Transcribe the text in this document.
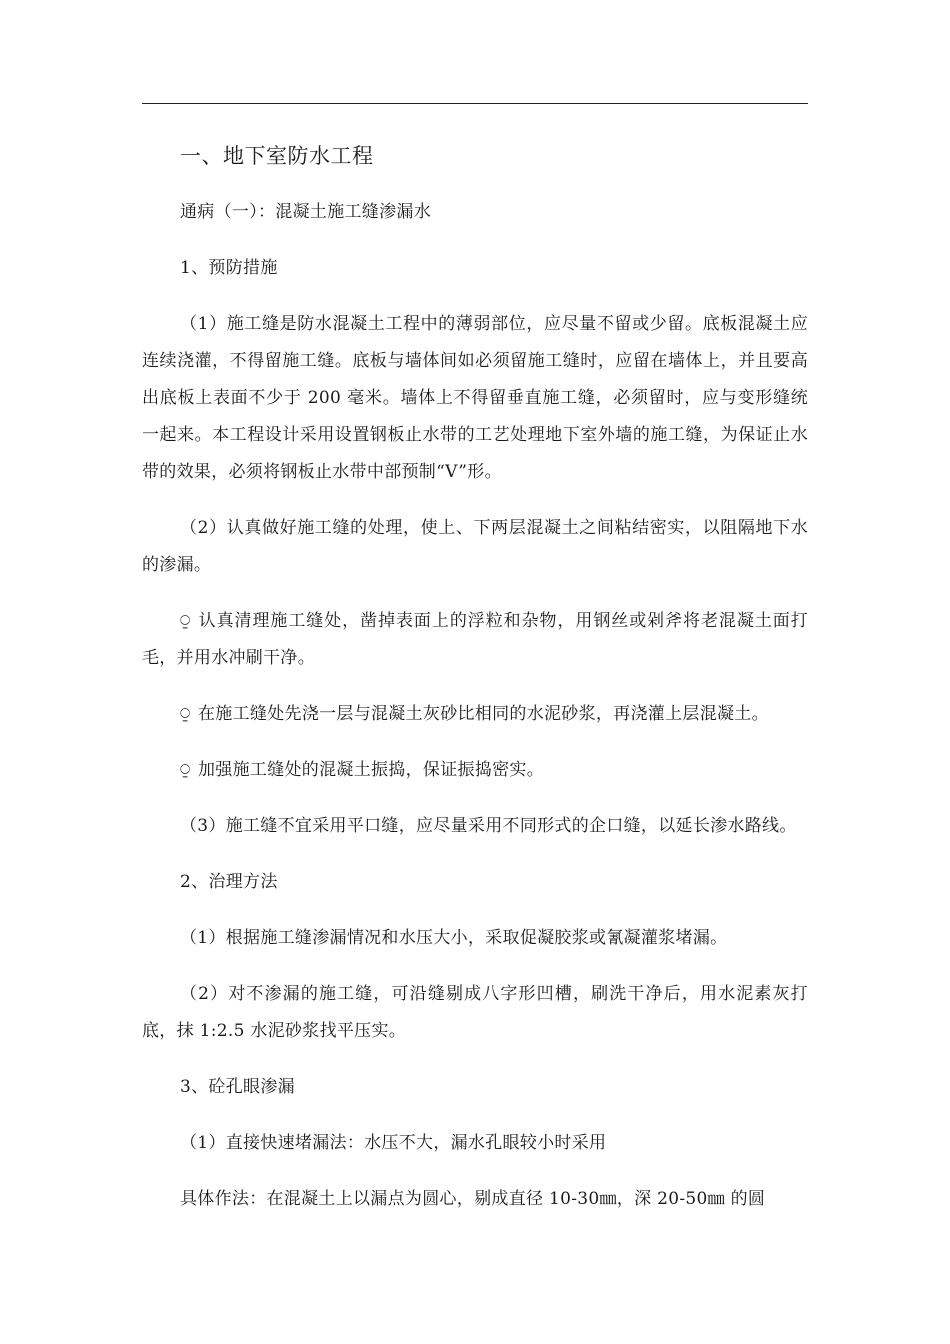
一、地下室防水工程

通病（一）：混凝土施工缝渗漏水

1、预防措施

（1）施工缝是防水混凝土工程中的薄弱部位，应尽量不留或少留。底板混凝土应连续浇灌，不得留施工缝。底板与墙体间如必须留施工缝时，应留在墙体上，并且要高出底板上表面不少于 200 毫米。墙体上不得留垂直施工缝，必须留时，应与变形缝统一起来。本工程设计采用设置钢板止水带的工艺处理地下室外墙的施工缝，为保证止水带的效果，必须将钢板止水带中部预制“V”形。

（2）认真做好施工缝的处理，使上、下两层混凝土之间粘结密实，以阻隔地下水的渗漏。

⍜ 认真清理施工缝处，凿掉表面上的浮粒和杂物，用钢丝或剁斧将老混凝土面打毛，并用水冲刷干净。

⍜ 在施工缝处先浇一层与混凝土灰砂比相同的水泥砂浆，再浇灌上层混凝土。

⍜ 加强施工缝处的混凝土振捣，保证振捣密实。

（3）施工缝不宜采用平口缝，应尽量采用不同形式的企口缝，以延长渗水路线。

2、治理方法

（1）根据施工缝渗漏情况和水压大小，采取促凝胶浆或氰凝灌浆堵漏。

（2）对不渗漏的施工缝，可沿缝剔成八字形凹槽，刷洗干净后，用水泥素灰打底，抹 1:2.5 水泥砂浆找平压实。

3、砼孔眼渗漏

（1）直接快速堵漏法：水压不大，漏水孔眼较小时采用

具体作法：在混凝土上以漏点为圆心，剔成直径 10-30㎜，深 20-50㎜ 的圆
